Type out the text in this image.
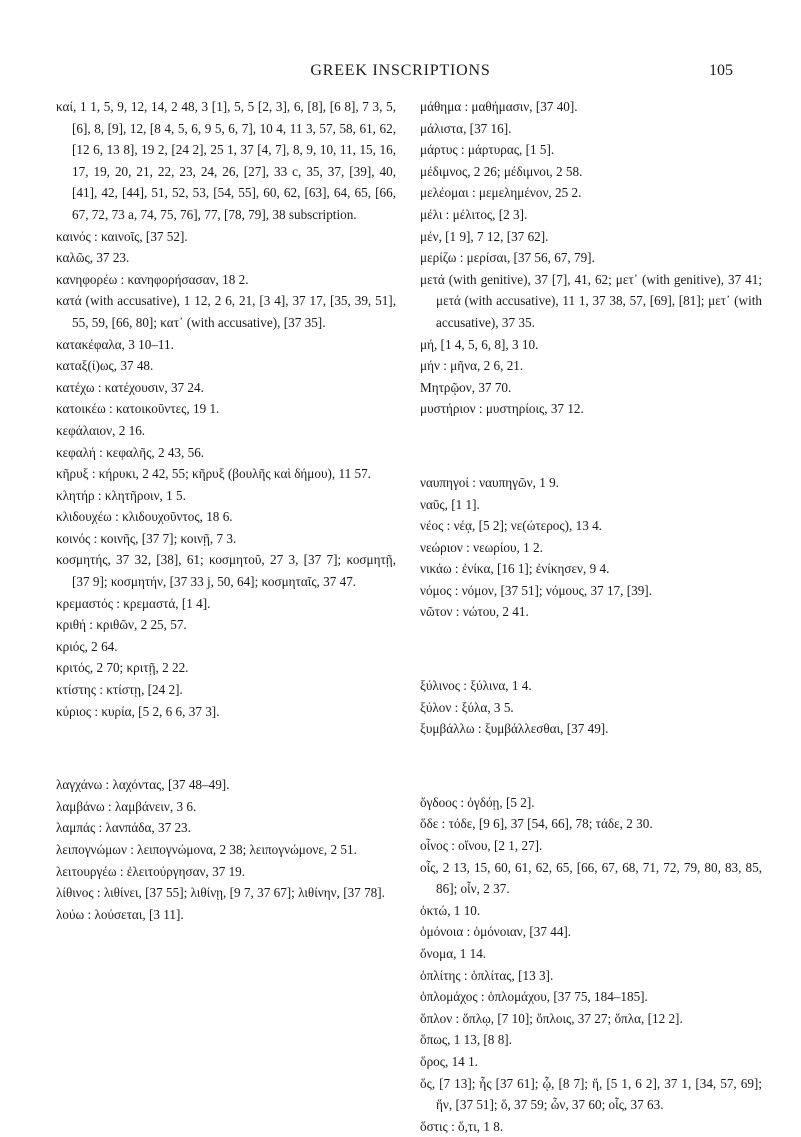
GREEK INSCRIPTIONS	105

καί, 1 1, 5, 9, 12, 14, 2 48, 3 [1], 5, 5 [2, 3], 6, [8], [6 8], 7 3, 5, [6], 8, [9], 12, [8 4, 5, 6, 9 5, 6, 7], 10 4, 11 3, 57, 58, 61, 62, [12 6, 13 8], 19 2, [24 2], 25 1, 37 [4, 7], 8, 9, 10, 11, 15, 16, 17, 19, 20, 21, 22, 23, 24, 26, [27], 33 c, 35, 37, [39], 40, [41], 42, [44], 51, 52, 53, [54, 55], 60, 62, [63], 64, 65, [66, 67, 72, 73 a, 74, 75, 76], 77, [78, 79], 38 subscription.

καινός : καινοῖς, [37 52].

καλῶς, 37 23.

κανηφορέω : κανηφορήσασαν, 18 2.

κατά (with accusative), 1 12, 2 6, 21, [3 4], 37 17, [35, 39, 51], 55, 59, [66, 80]; κατ᾽ (with accusative), [37 35].

κατακέφαλα, 3 10–11.

καταξ(ί)ως, 37 48.

κατέχω : κατέχουσιν, 37 24.

κατοικέω : κατοικοῦντες, 19 1.

κεφάλαιον, 2 16.

κεφαλή : κεφαλῆς, 2 43, 56.

κῆρυξ : κήρυκι, 2 42, 55; κῆρυξ (βουλῆς καὶ δήμου), 11 57.

κλητήρ : κλητῆροιν, 1 5.

κλιδουχέω : κλιδουχοῦντος, 18 6.

κοινός : κοινῆς, [37 7]; κοινῇ, 7 3.

κοσμητής, 37 32, [38], 61; κοσμητοῦ, 27 3, [37 7]; κοσμητῇ, [37 9]; κοσμητήν, [37 33 j, 50, 64]; κοσμηταῖς, 37 47.

κρεμαστός : κρεμαστά, [1 4].

κριθή : κριθῶν, 2 25, 57.

κριός, 2 64.

κριτός, 2 70; κριτῇ, 2 22.

κτίστης : κτίστῃ, [24 2].

κύριος : κυρία, [5 2, 6 6, 37 3].

λαγχάνω : λαχόντας, [37 48–49].

λαμβάνω : λαμβάνειν, 3 6.

λαμπάς : λανπάδα, 37 23.

λειπογνώμων : λειπογνώμονα, 2 38; λειπογνώμονε, 2 51.

λειτουργέω : ἐλειτούργησαν, 37 19.

λίθινος : λιθίνει, [37 55]; λιθίνῃ, [9 7, 37 67]; λιθίνην, [37 78].

λούω : λούσεται, [3 11].

μάθημα : μαθήμασιν, [37 40].

μάλιστα, [37 16].

μάρτυς : μάρτυρας, [1 5].

μέδιμνος, 2 26; μέδιμνοι, 2 58.

μελέομαι : μεμελημένον, 25 2.

μέλι : μέλιτος, [2 3].

μέν, [1 9], 7 12, [37 62].

μερίζω : μερίσαι, [37 56, 67, 79].

μετά (with genitive), 37 [7], 41, 62; μετ᾽ (with genitive), 37 41; μετά (with accusative), 11 1, 37 38, 57, [69], [81]; μετ᾽ (with accusative), 37 35.

μή, [1 4, 5, 6, 8], 3 10.

μήν : μῆνα, 2 6, 21.

Μητρῷον, 37 70.

μυστήριον : μυστηρίοις, 37 12.

ναυπηγοί : ναυπηγῶν, 1 9.

ναῦς, [1 1].

νέος : νέᾳ, [5 2]; νε(ώτερος), 13 4.

νεώριον : νεωρίου, 1 2.

νικάω : ἐνίκα, [16 1]; ἐνίκησεν, 9 4.

νόμος : νόμον, [37 51]; νόμους, 37 17, [39].

νῶτον : νώτου, 2 41.

ξύλινος : ξύλινα, 1 4.

ξύλον : ξύλα, 3 5.

ξυμβάλλω : ξυμβάλλεσθαι, [37 49].

ὄγδοος : ὀγδόῃ, [5 2].

ὅδε : τόδε, [9 6], 37 [54, 66], 78; τάδε, 2 30.

οἶνος : οἴνου, [2 1, 27].

οἶς, 2 13, 15, 60, 61, 62, 65, [66, 67, 68, 71, 72, 79, 80, 83, 85, 86]; οἶν, 2 37.

ὀκτώ, 1 10.

ὁμόνοια : ὁμόνοιαν, [37 44].

ὄνομα, 1 14.

ὁπλίτης : ὁπλίτας, [13 3].

ὁπλομάχος : ὁπλομάχου, [37 75, 184–185].

ὅπλον : ὅπλῳ, [7 10]; ὅπλοις, 37 27; ὅπλα, [12 2].

ὅπως, 1 13, [8 8].

ὅρος, 14 1.

ὅς, [7 13]; ἧς [37 61]; ᾧ, [8 7]; ἥ, [5 1, 6 2], 37 1, [34, 57, 69]; ἥν, [37 51]; ὅ, 37 59; ὧν, 37 60; οἷς, 37 63.

ὅστις : ὅ,τι, 1 8.
